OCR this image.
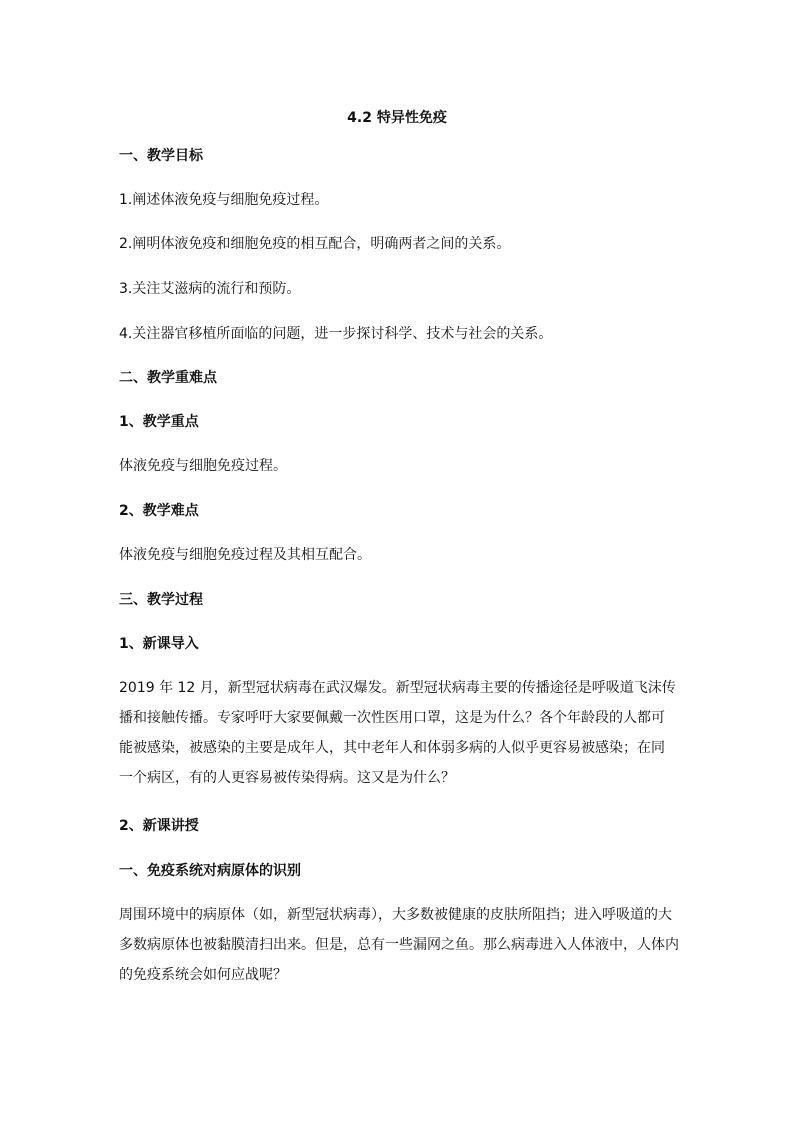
4.2 特异性免疫
一、教学目标
1.阐述体液免疫与细胞免疫过程。
2.阐明体液免疫和细胞免疫的相互配合，明确两者之间的关系。
3.关注艾滋病的流行和预防。
4.关注器官移植所面临的问题，进一步探讨科学、技术与社会的关系。
二、教学重难点
1、教学重点
体液免疫与细胞免疫过程。
2、教学难点
体液免疫与细胞免疫过程及其相互配合。
三、教学过程
1、新课导入
2019 年 12 月，新型冠状病毒在武汉爆发。新型冠状病毒主要的传播途径是呼吸道飞沫传
播和接触传播。专家呼吁大家要佩戴一次性医用口罩，这是为什么？各个年龄段的人都可
能被感染，被感染的主要是成年人，其中老年人和体弱多病的人似乎更容易被感染；在同
一个病区，有的人更容易被传染得病。这又是为什么？
2、新课讲授
一、免疫系统对病原体的识别
周围环境中的病原体（如，新型冠状病毒），大多数被健康的皮肤所阻挡；进入呼吸道的大
多数病原体也被黏膜清扫出来。但是，总有一些漏网之鱼。那么病毒进入人体液中，人体内
的免疫系统会如何应战呢？
